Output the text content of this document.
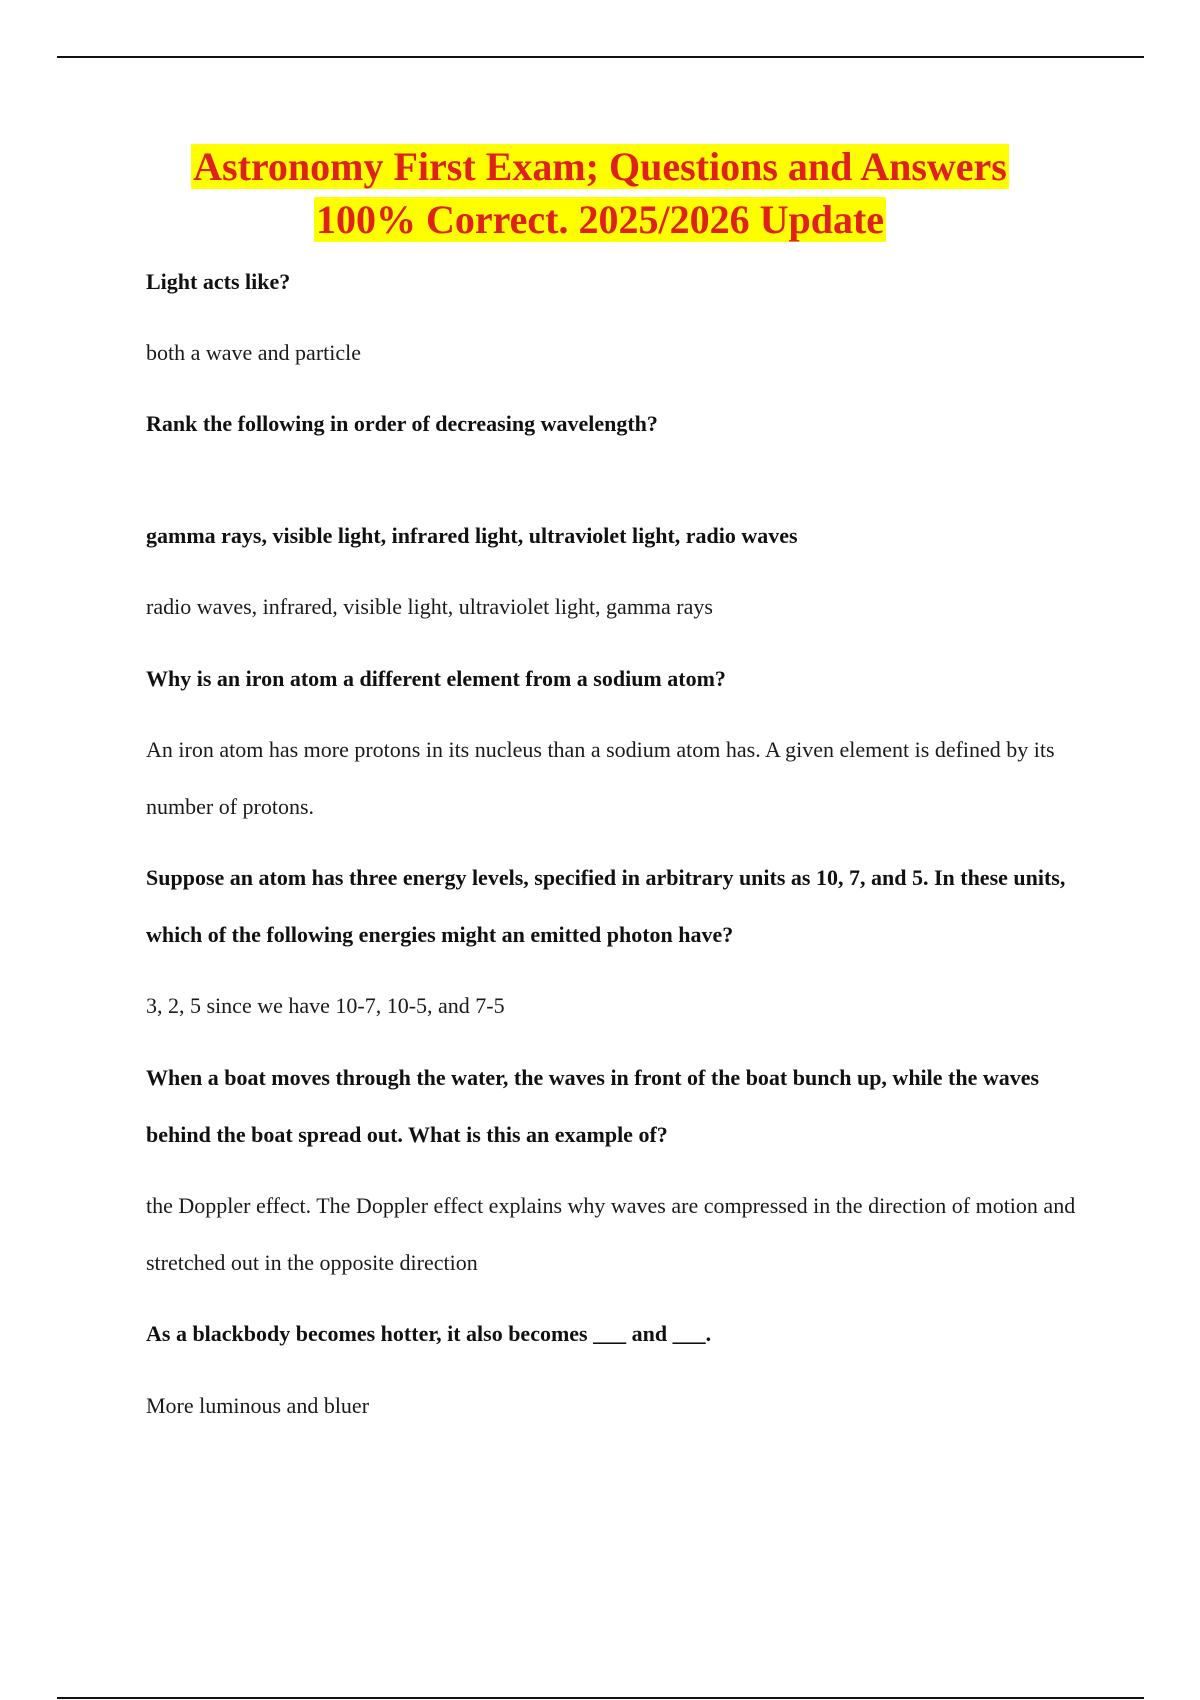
Astronomy First Exam; Questions and Answers
100% Correct. 2025/2026 Update

Light acts like?

both a wave and particle

Rank the following in order of decreasing wavelength?

gamma rays, visible light, infrared light, ultraviolet light, radio waves

radio waves, infrared, visible light, ultraviolet light, gamma rays

Why is an iron atom a different element from a sodium atom?

An iron atom has more protons in its nucleus than a sodium atom has. A given element is defined by its number of protons.

Suppose an atom has three energy levels, specified in arbitrary units as 10, 7, and 5. In these units, which of the following energies might an emitted photon have?

3, 2, 5 since we have 10-7, 10-5, and 7-5

When a boat moves through the water, the waves in front of the boat bunch up, while the waves behind the boat spread out. What is this an example of?

the Doppler effect. The Doppler effect explains why waves are compressed in the direction of motion and stretched out in the opposite direction

As a blackbody becomes hotter, it also becomes ___ and ___.

More luminous and bluer
